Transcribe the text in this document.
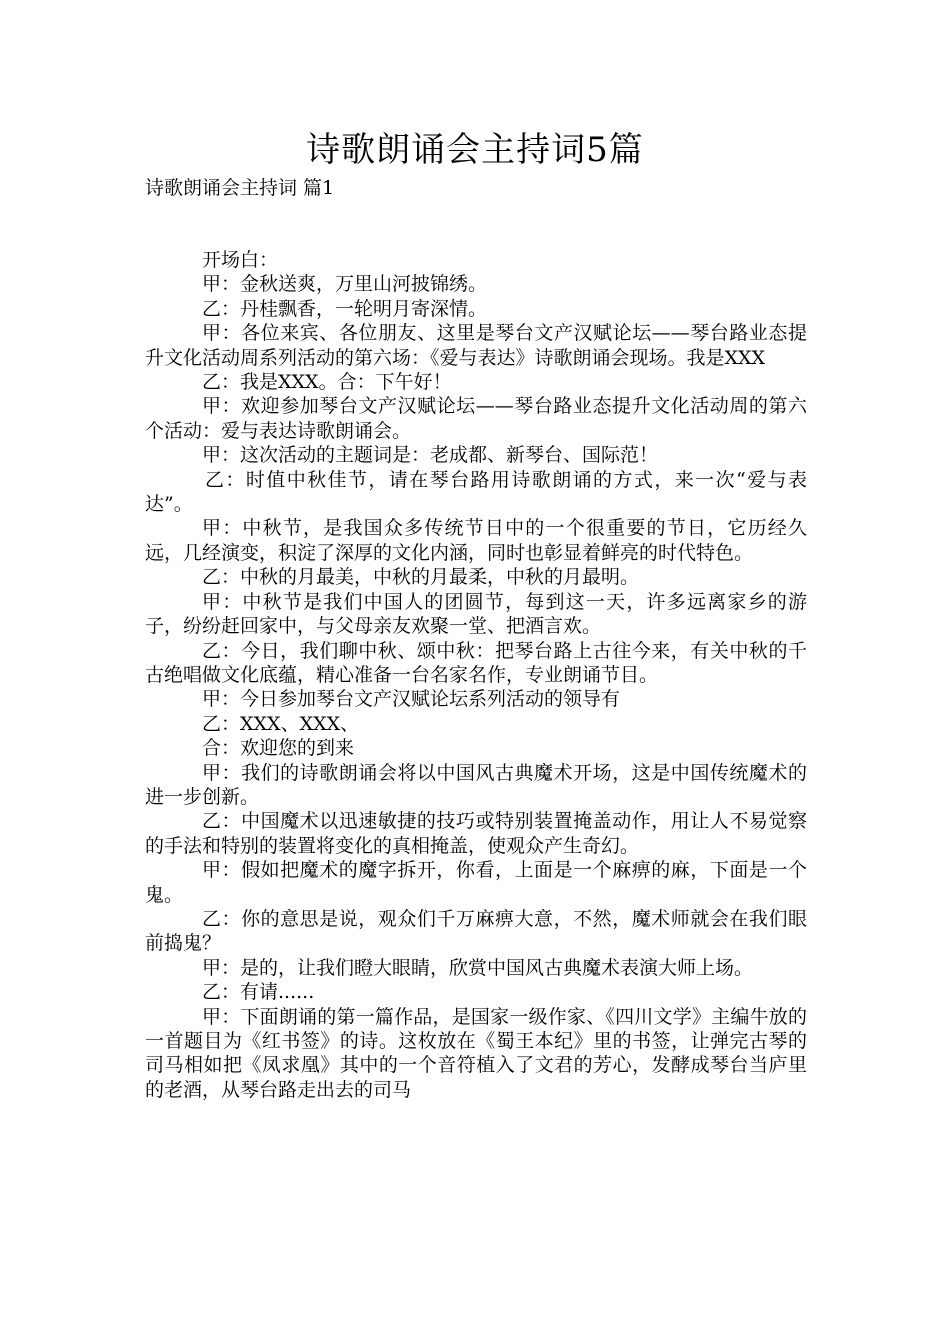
诗歌朗诵会主持词5篇
诗歌朗诵会主持词 篇1

开场白：

甲：金秋送爽，万里山河披锦绣。

乙：丹桂飘香，一轮明月寄深情。

甲：各位来宾、各位朋友、这里是琴台文产汉赋论坛——琴台路业态提升文化活动周系列活动的第六场：《爱与表达》诗歌朗诵会现场。我是XXX

乙：我是XXX。合：下午好！

甲：欢迎参加琴台文产汉赋论坛——琴台路业态提升文化活动周的第六个活动：爱与表达诗歌朗诵会。

甲：这次活动的主题词是：老成都、新琴台、国际范！

乙：时值中秋佳节，请在琴台路用诗歌朗诵的方式，来一次“爱与表达”。

甲：中秋节，是我国众多传统节日中的一个很重要的节日，它历经久远，几经演变，积淀了深厚的文化内涵，同时也彰显着鲜亮的时代特色。

乙：中秋的月最美，中秋的月最柔，中秋的月最明。

甲：中秋节是我们中国人的团圆节，每到这一天，许多远离家乡的游子，纷纷赶回家中，与父母亲友欢聚一堂、把酒言欢。

乙：今日，我们聊中秋、颂中秋：把琴台路上古往今来，有关中秋的千古绝唱做文化底蕴，精心准备一台名家名作，专业朗诵节目。

甲：今日参加琴台文产汉赋论坛系列活动的领导有

乙：XXX、XXX、

合：欢迎您的到来

甲：我们的诗歌朗诵会将以中国风古典魔术开场，这是中国传统魔术的进一步创新。

乙：中国魔术以迅速敏捷的技巧或特别装置掩盖动作，用让人不易觉察的手法和特别的装置将变化的真相掩盖，使观众产生奇幻。

甲：假如把魔术的魔字拆开，你看，上面是一个麻痹的麻，下面是一个鬼。

乙：你的意思是说，观众们千万麻痹大意，不然，魔术师就会在我们眼前捣鬼？

甲：是的，让我们瞪大眼睛，欣赏中国风古典魔术表演大师上场。

乙：有请......

甲：下面朗诵的第一篇作品，是国家一级作家、《四川文学》主编牛放的一首题目为《红书签》的诗。这枚放在《蜀王本纪》里的书签，让弹完古琴的司马相如把《凤求凰》其中的一个音符植入了文君的芳心，发酵成琴台当庐里的老酒，从琴台路走出去的司马
